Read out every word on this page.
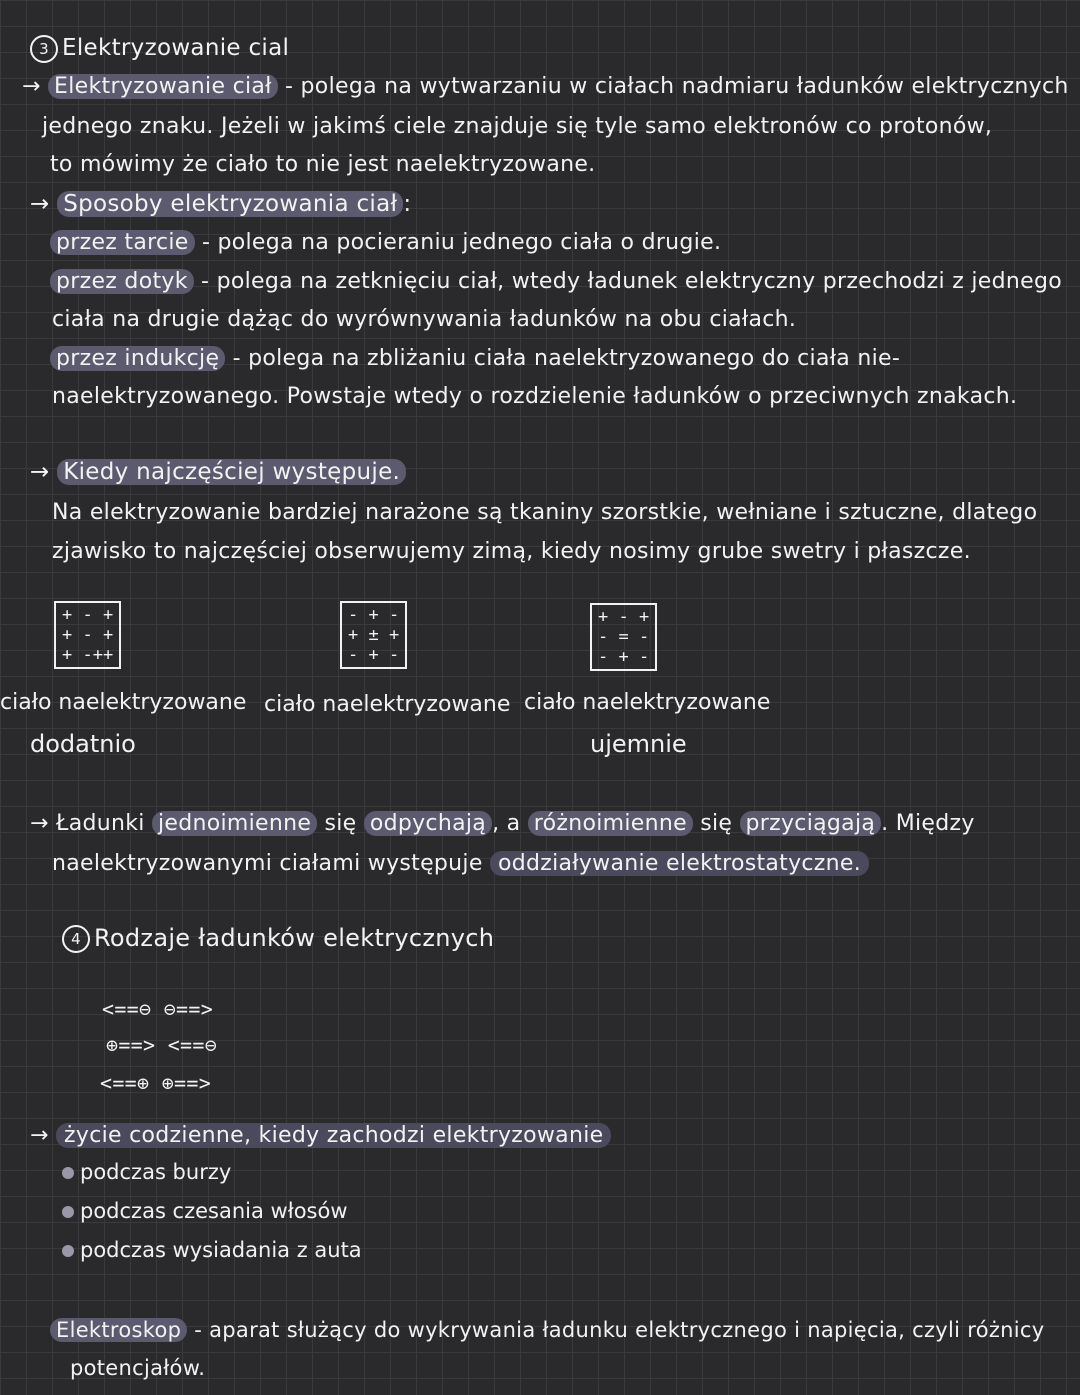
3 Elektryzowanie cial
→ Elektryzowanie ciał - polega na wytwarzaniu w ciałach nadmiaru ładunków elektrycznych
jednego znaku. Jeżeli w jakimś ciele znajduje się tyle samo elektronów co protonów,
to mówimy że ciało to nie jest naelektryzowane.
→ Sposoby elektryzowania ciał :
przez tarcie - polega na pocieraniu jednego ciała o drugie.
przez dotyk - polega na zetknięciu ciał, wtedy ładunek elektryczny przechodzi z jednego
ciała na drugie dążąc do wyrównywania ładunków na obu ciałach.
przez indukcję - polega na zbliżaniu ciała naelektryzowanego do ciała nie-
naelektryzowanego. Powstaje wtedy o rozdzielenie ładunków o przeciwnych znakach.
→ Kiedy najczęściej występuje.
Na elektryzowanie bardziej narażone są tkaniny szorstkie, wełniane i sztuczne, dlatego
zjawisko to najczęściej obserwujemy zimą, kiedy nosimy grube swetry i płaszcze.
+ - +
+ - +
+ -++
- + -
+ ± +
- + -
+ - +
- = -
- + -
ciało naelektryzowane
dodatnio
ciało naelektryzowane ciało naelektryzowane
ujemnie
→ Ładunki jednoimienne się odpychają , a różnoimienne się przyciągają . Między
naelektryzowanymi ciałami występuje oddziaływanie elektrostatyczne.
4 Rodzaje ładunków elektrycznych
<==⊖ ⊖==>
⊕==> <==⊖
<==⊕ ⊕==>
→ życie codzienne, kiedy zachodzi elektryzowanie
podczas burzy
podczas czesania włosów
podczas wysiadania z auta
Elektroskop - aparat służący do wykrywania ładunku elektrycznego i napięcia, czyli różnicy
potencjałów.
